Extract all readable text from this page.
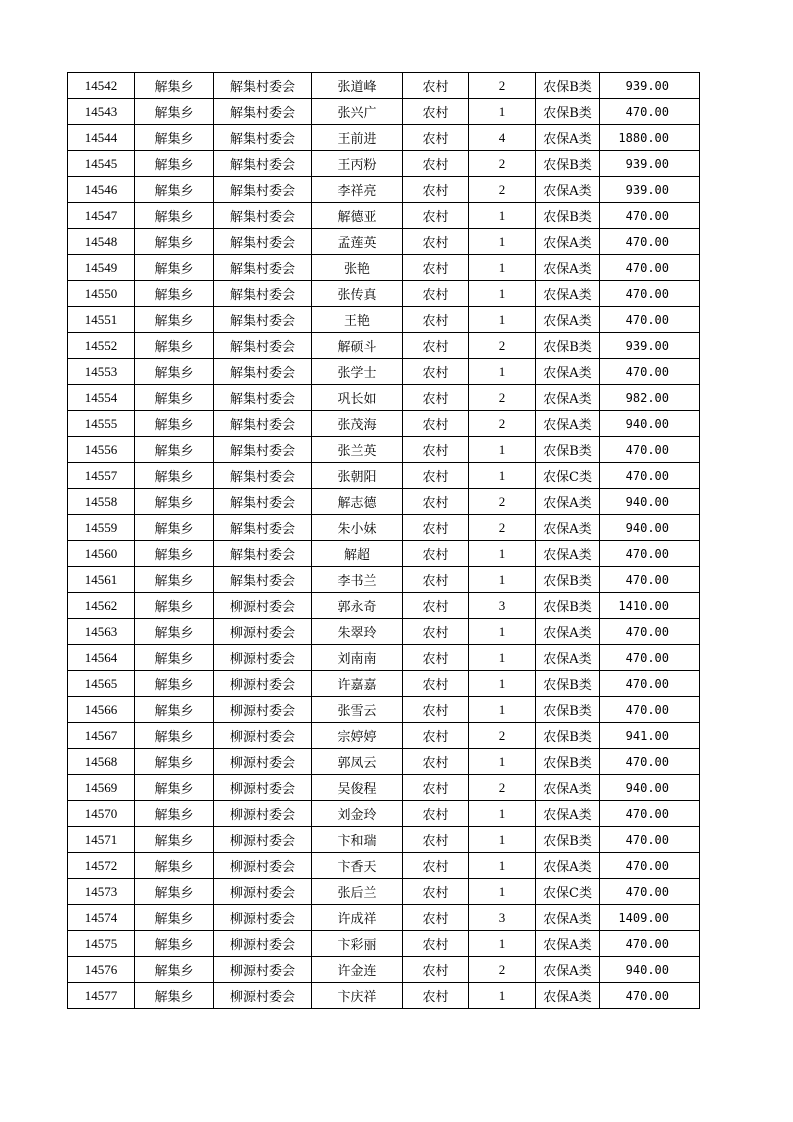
14542	解集乡	解集村委会	张道峰	农村	2	农保B类	939.00
14543	解集乡	解集村委会	张兴广	农村	1	农保B类	470.00
14544	解集乡	解集村委会	王前进	农村	4	农保A类	1880.00
14545	解集乡	解集村委会	王丙粉	农村	2	农保B类	939.00
14546	解集乡	解集村委会	李祥亮	农村	2	农保A类	939.00
14547	解集乡	解集村委会	解德亚	农村	1	农保B类	470.00
14548	解集乡	解集村委会	孟莲英	农村	1	农保A类	470.00
14549	解集乡	解集村委会	张艳	农村	1	农保A类	470.00
14550	解集乡	解集村委会	张传真	农村	1	农保A类	470.00
14551	解集乡	解集村委会	王艳	农村	1	农保A类	470.00
14552	解集乡	解集村委会	解硕斗	农村	2	农保B类	939.00
14553	解集乡	解集村委会	张学士	农村	1	农保A类	470.00
14554	解集乡	解集村委会	巩长如	农村	2	农保A类	982.00
14555	解集乡	解集村委会	张茂海	农村	2	农保A类	940.00
14556	解集乡	解集村委会	张兰英	农村	1	农保B类	470.00
14557	解集乡	解集村委会	张朝阳	农村	1	农保C类	470.00
14558	解集乡	解集村委会	解志德	农村	2	农保A类	940.00
14559	解集乡	解集村委会	朱小妹	农村	2	农保A类	940.00
14560	解集乡	解集村委会	解超	农村	1	农保A类	470.00
14561	解集乡	解集村委会	李书兰	农村	1	农保B类	470.00
14562	解集乡	柳源村委会	郭永奇	农村	3	农保B类	1410.00
14563	解集乡	柳源村委会	朱翠玲	农村	1	农保A类	470.00
14564	解集乡	柳源村委会	刘南南	农村	1	农保A类	470.00
14565	解集乡	柳源村委会	许嘉嘉	农村	1	农保B类	470.00
14566	解集乡	柳源村委会	张雪云	农村	1	农保B类	470.00
14567	解集乡	柳源村委会	宗婷婷	农村	2	农保B类	941.00
14568	解集乡	柳源村委会	郭凤云	农村	1	农保B类	470.00
14569	解集乡	柳源村委会	吴俊程	农村	2	农保A类	940.00
14570	解集乡	柳源村委会	刘金玲	农村	1	农保A类	470.00
14571	解集乡	柳源村委会	卞和瑞	农村	1	农保B类	470.00
14572	解集乡	柳源村委会	卞香天	农村	1	农保A类	470.00
14573	解集乡	柳源村委会	张后兰	农村	1	农保C类	470.00
14574	解集乡	柳源村委会	许成祥	农村	3	农保A类	1409.00
14575	解集乡	柳源村委会	卞彩丽	农村	1	农保A类	470.00
14576	解集乡	柳源村委会	许金连	农村	2	农保A类	940.00
14577	解集乡	柳源村委会	卞庆祥	农村	1	农保A类	470.00
